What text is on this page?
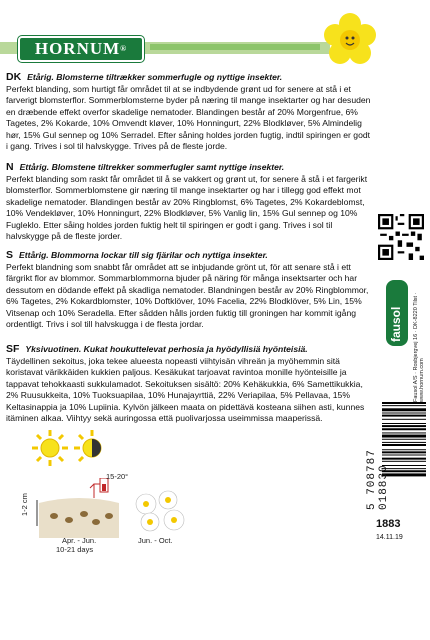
HORNUM®
DK Etårig. Blomsterne tiltrækker sommerfugle og nyttige insekter.
Perfekt blanding, som hurtigt får området til at se indbydende grønt ud for senere at stå i et farverigt blomsterflor. Sommerblomsterne byder på næring til mange insektarter og har desuden en dræbende effekt overfor skadelige nematoder. Blandingen består af 20% Morgenfrue, 6% Tagetes, 2% Kokarde, 10% Omvendt kløver, 10% Honningurt, 22% Blodkløver, 5% Almindelig hør, 15% Gul sennep og 10% Serradel. Efter såning holdes jorden fugtig, indtil spiringen er godt i gang. Trives i sol til halvskygge. Trives på de fleste jorde.
N Ettårig. Blomstene tiltrekker sommerfugler samt nyttige insekter.
Perfekt blanding som raskt får området til å se vakkert og grønt ut, for senere å stå i et fargerikt blomsterflor. Sommerblomstene gir næring til mange insektarter og har i tillegg god effekt mot skadelige nematoder. Blandingen består av 20% Ringblomst, 6% Tagetes, 2% Kokardeblomst, 10% Vendekløver, 10% Honningurt, 22% Blodkløver, 5% Vanlig lin, 15% Gul sennep og 10% Fugleklo. Etter såing holdes jorden fuktig helt til spiringen er godt i gang. Trives i sol til halvskygge på de fleste jorder.
S Ettårig. Blommorna lockar till sig fjärilar och nyttiga insekter.
Perfekt blandning som snabbt får området att se inbjudande grönt ut, för att senare stå i ett färgrikt flor av blommor. Sommarblommorna bjuder på näring för många insektsarter och har dessutom en dödande effekt på skadliga nematoder. Blandningen består av 20% Ringblommor, 6% Tagetes, 2% Kokardblomster, 10% Doftklöver, 10% Facelia, 22% Blodklöver, 5% Lin, 15% Vitsenap och 10% Seradella. Efter sådden hålls jorden fuktig till groningen har kommit igång ordentligt. Trivs i sol till halvskugga i de flesta jordar.
SF Yksivuotinen. Kukat houkuttelevat perhosia ja hyödyllisiä hyönteisiä.
Täydellinen sekoitus, joka tekee alueesta nopeasti viihtyisän vihreän ja myöhemmin sitä koristavat värikkäiden kukkien paljous. Kesäkukat tarjoavat ravintoa monille hyönteisille ja tappavat tehokkaasti sukkulamadot. Sekoituksen sisältö: 20% Kehäkukkia, 6% Samettikukkia, 2% Ruusukkeita, 10% Tuoksuapilaa, 10% Hunajayrttiä, 22% Veriapilaa, 5% Pellavaa, 15% Keltasinappia ja 10% Lupiinia. Kylvön jälkeen maata on pidettävä kosteana siihen asti, kunnes itäminen alkaa. Viihtyy sekä auringossa että puolivarjossa useimmissa maaperissä.
fausol Fausol A/S · Rosbjergvej 16 · DK-8220 Tilst · www.hornum.com
5 708787 018830
1883
14.11.19
15-20°
1-2 cm
Apr. - Jun.
10-21 days
Jun. - Oct.
